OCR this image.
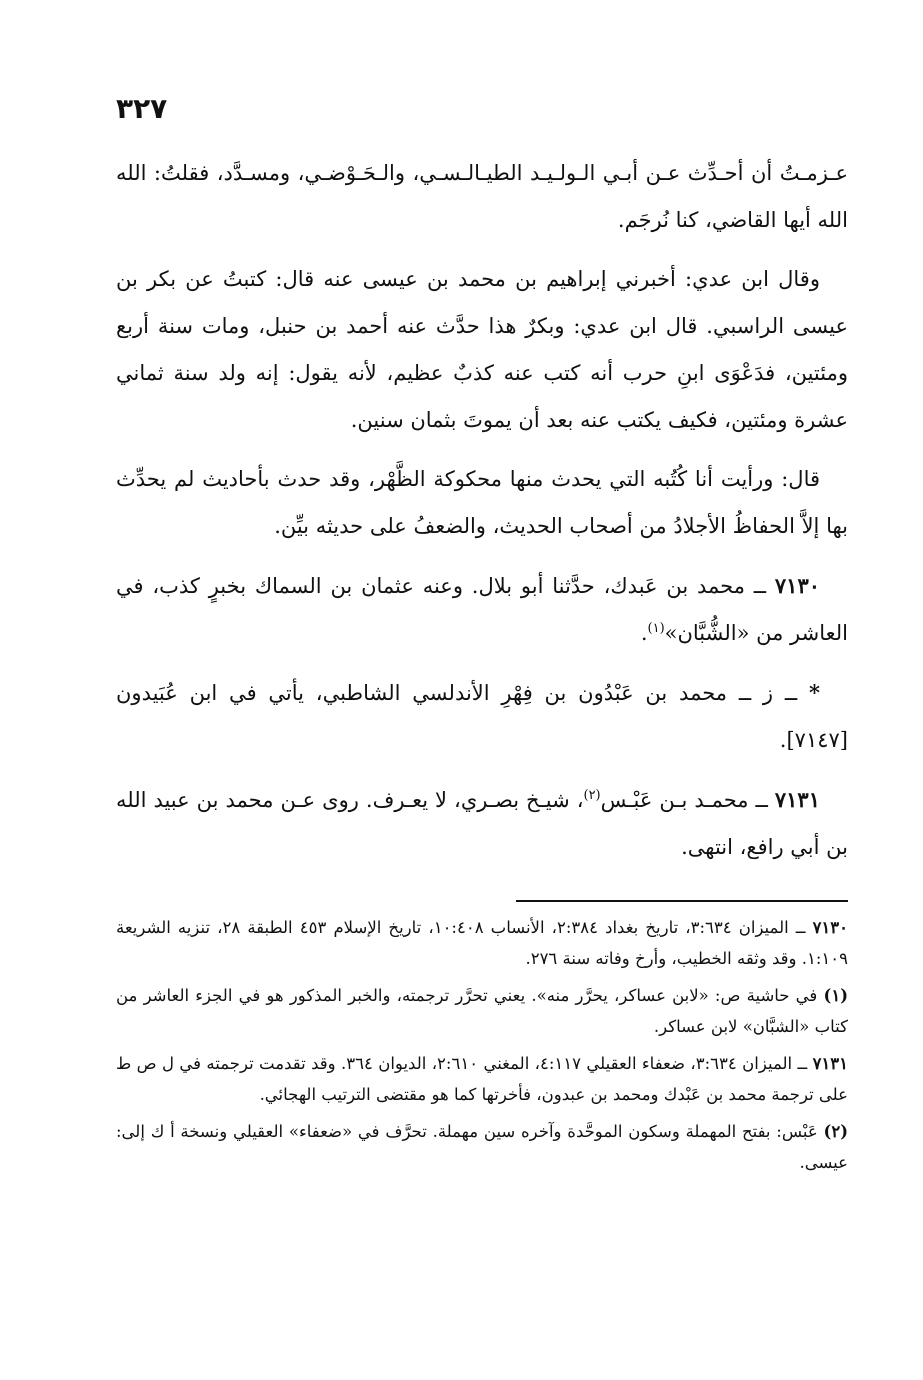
٣٢٧

عـزمـتُ أن أحـدِّث عـن أبـي الـولـيـد الطيـالـسـي، والـحَـوْضـي، ومسـدَّد، فقلتُ: الله الله أيها القاضي، كنا نُرجَم.

وقال ابن عدي: أخبرني إبراهيم بن محمد بن عيسى عنه قال: كتبتُ عن بكر بن عيسى الراسبي. قال ابن عدي: وبكرٌ هذا حدَّث عنه أحمد بن حنبل، ومات سنة أربع ومئتين، فدَعْوَى ابنِ حرب أنه كتب عنه كذبٌ عظيم، لأنه يقول: إنه ولد سنة ثماني عشرة ومئتين، فكيف يكتب عنه بعد أن يموتَ بثمان سنين.

قال: ورأيت أنا كُتُبه التي يحدث منها محكوكة الظَّهْر، وقد حدث بأحاديث لم يحدِّث بها إلاَّ الحفاظُ الأجلادُ من أصحاب الحديث، والضعفُ على حديثه بيِّن.

٧١٣٠ ــ محمد بن عَبدك، حدَّثنا أبو بلال. وعنه عثمان بن السماك بخبرٍ كذب، في العاشر من «الشُّبَّان»$^{(١)}$.

* ــ ز ــ محمد بن عَبْدُون بن فِهْرِ الأندلسي الشاطبي، يأتي في ابن عُبَيدون [٧١٤٧].

٧١٣١ ــ محمـد بـن عَبْـس$^{(٢)}$، شيـخ بصـري، لا يعـرف. روى عـن محمد بن عبيد الله بن أبي رافع، انتهى.

٧١٣٠ ــ الميزان ٣:٦٣٤، تاريخ بغداد ٢:٣٨٤، الأنساب ١٠:٤٠٨، تاريخ الإسلام ٤٥٣ الطبقة ٢٨، تنزيه الشريعة ١:١٠٩. وقد وثقه الخطيب، وأرخ وفاته سنة ٢٧٦.

(١) في حاشية ص: «لابن عساكر، يحرَّر منه». يعني تحرَّر ترجمته، والخبر المذكور هو في الجزء العاشر من كتاب «الشبَّان» لابن عساكر.

٧١٣١ ــ الميزان ٣:٦٣٤، ضعفاء العقيلي ٤:١١٧، المغني ٢:٦١٠، الديوان ٣٦٤. وقد تقدمت ترجمته في ل ص ط على ترجمة محمد بن عَبْدك ومحمد بن عبدون، فأخرتها كما هو مقتضى الترتيب الهجائي.

(٢) عَبْس: بفتح المهملة وسكون الموحَّدة وآخره سين مهملة. تحرَّف في «ضعفاء» العقيلي ونسخة أ ك إلى: عيسى.
